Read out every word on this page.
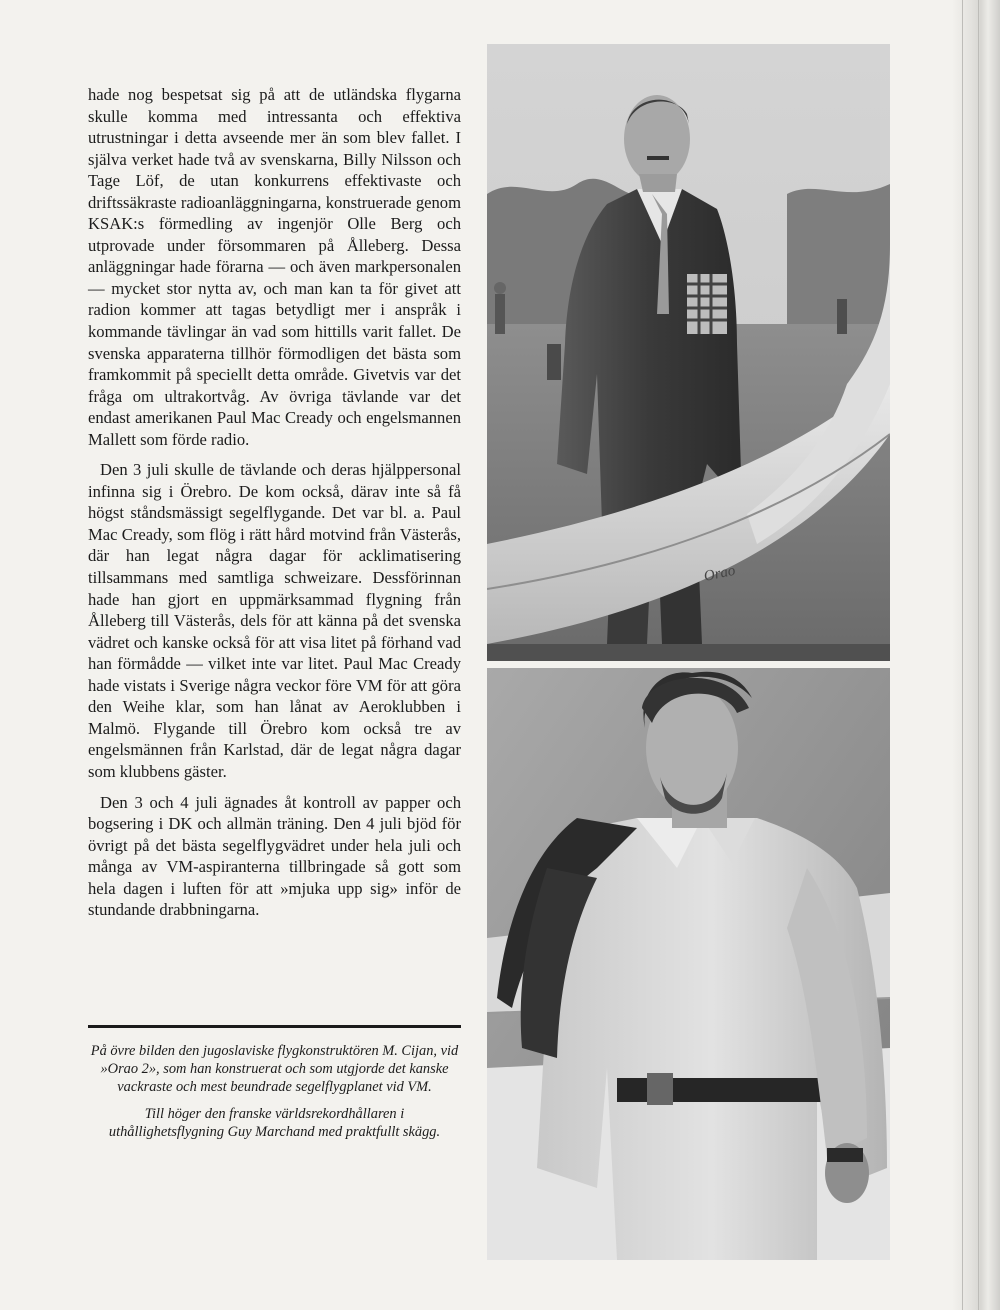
hade nog bespetsat sig på att de utländska flygarna skulle komma med intressanta och effektiva utrustningar i detta avseende mer än som blev fallet. I själva verket hade två av svenskarna, Billy Nilsson och Tage Löf, de utan konkurrens effektivaste och driftssäkraste radioanläggningarna, konstruerade genom KSAK:s förmedling av ingenjör Olle Berg och utprovade under försommaren på Ålleberg. Dessa anläggningar hade förarna — och även markpersonalen — mycket stor nytta av, och man kan ta för givet att radion kommer att tagas betydligt mer i anspråk i kommande tävlingar än vad som hittills varit fallet. De svenska apparaterna tillhör förmodligen det bästa som framkommit på speciellt detta område. Givetvis var det fråga om ultrakortvåg. Av övriga tävlande var det endast amerikanen Paul Mac Cready och engelsmannen Mallett som förde radio.

Den 3 juli skulle de tävlande och deras hjälppersonal infinna sig i Örebro. De kom också, därav inte så få högst ståndsmässigt segelflygande. Det var bl. a. Paul Mac Cready, som flög i rätt hård motvind från Västerås, där han legat några dagar för acklimatisering tillsammans med samtliga schweizare. Dessförinnan hade han gjort en uppmärksammad flygning från Ålleberg till Västerås, dels för att känna på det svenska vädret och kanske också för att visa litet på förhand vad han förmådde — vilket inte var litet. Paul Mac Cready hade vistats i Sverige några veckor före VM för att göra den Weihe klar, som han lånat av Aeroklubben i Malmö. Flygande till Örebro kom också tre av engelsmännen från Karlstad, där de legat några dagar som klubbens gäster.

Den 3 och 4 juli ägnades åt kontroll av papper och bogsering i DK och allmän träning. Den 4 juli bjöd för övrigt på det bästa segelflygvädret under hela juli och många av VM-aspiranterna tillbringade så gott som hela dagen i luften för att »mjuka upp sig» inför de stundande drabbningarna.

På övre bilden den jugoslaviske flygkonstruktören M. Cijan, vid »Orao 2», som han konstruerat och som utgjorde det kanske vackraste och mest beundrade segelflygplanet vid VM.

Till höger den franske världsrekordhållaren i uthållighetsflygning Guy Marchand med praktfullt skägg.

Orao
